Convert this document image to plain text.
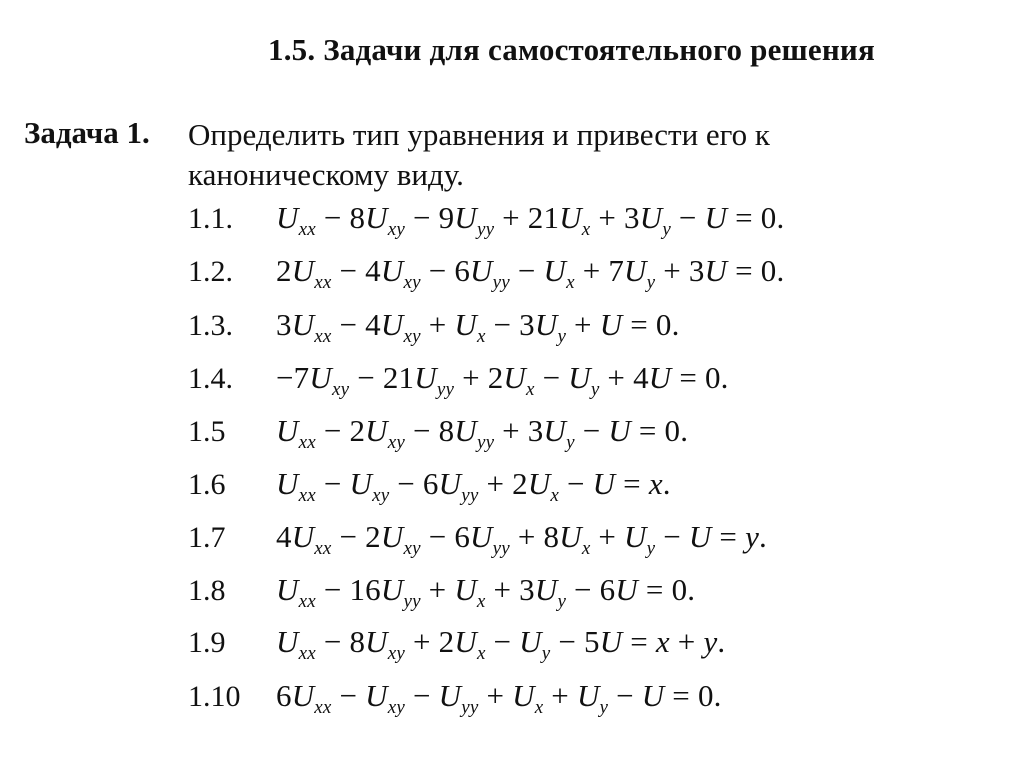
1.5. Задачи для самостоятельного решения
Задача 1. Определить тип уравнения и привести его к
каноническому виду.
1.1.	$U_{xx} - 8U_{xy} - 9U_{yy} + 21U_x + 3U_y - U = 0$.
1.2.	$2U_{xx} - 4U_{xy} - 6U_{yy} - U_x + 7U_y + 3U = 0$.
1.3.	$3U_{xx} - 4U_{xy} + U_x - 3U_y + U = 0$.
1.4.	$-7U_{xy} - 21U_{yy} + 2U_x - U_y + 4U = 0$.
1.5	$U_{xx} - 2U_{xy} - 8U_{yy} + 3U_y - U = 0$.
1.6	$U_{xx} - U_{xy} - 6U_{yy} + 2U_x - U = x$.
1.7	$4U_{xx} - 2U_{xy} - 6U_{yy} + 8U_x + U_y - U = y$.
1.8	$U_{xx} - 16U_{yy} + U_x + 3U_y - 6U = 0$.
1.9	$U_{xx} - 8U_{xy} + 2U_x - U_y - 5U = x + y$.
1.10	$6U_{xx} - U_{xy} - U_{yy} + U_x + U_y - U = 0$.
